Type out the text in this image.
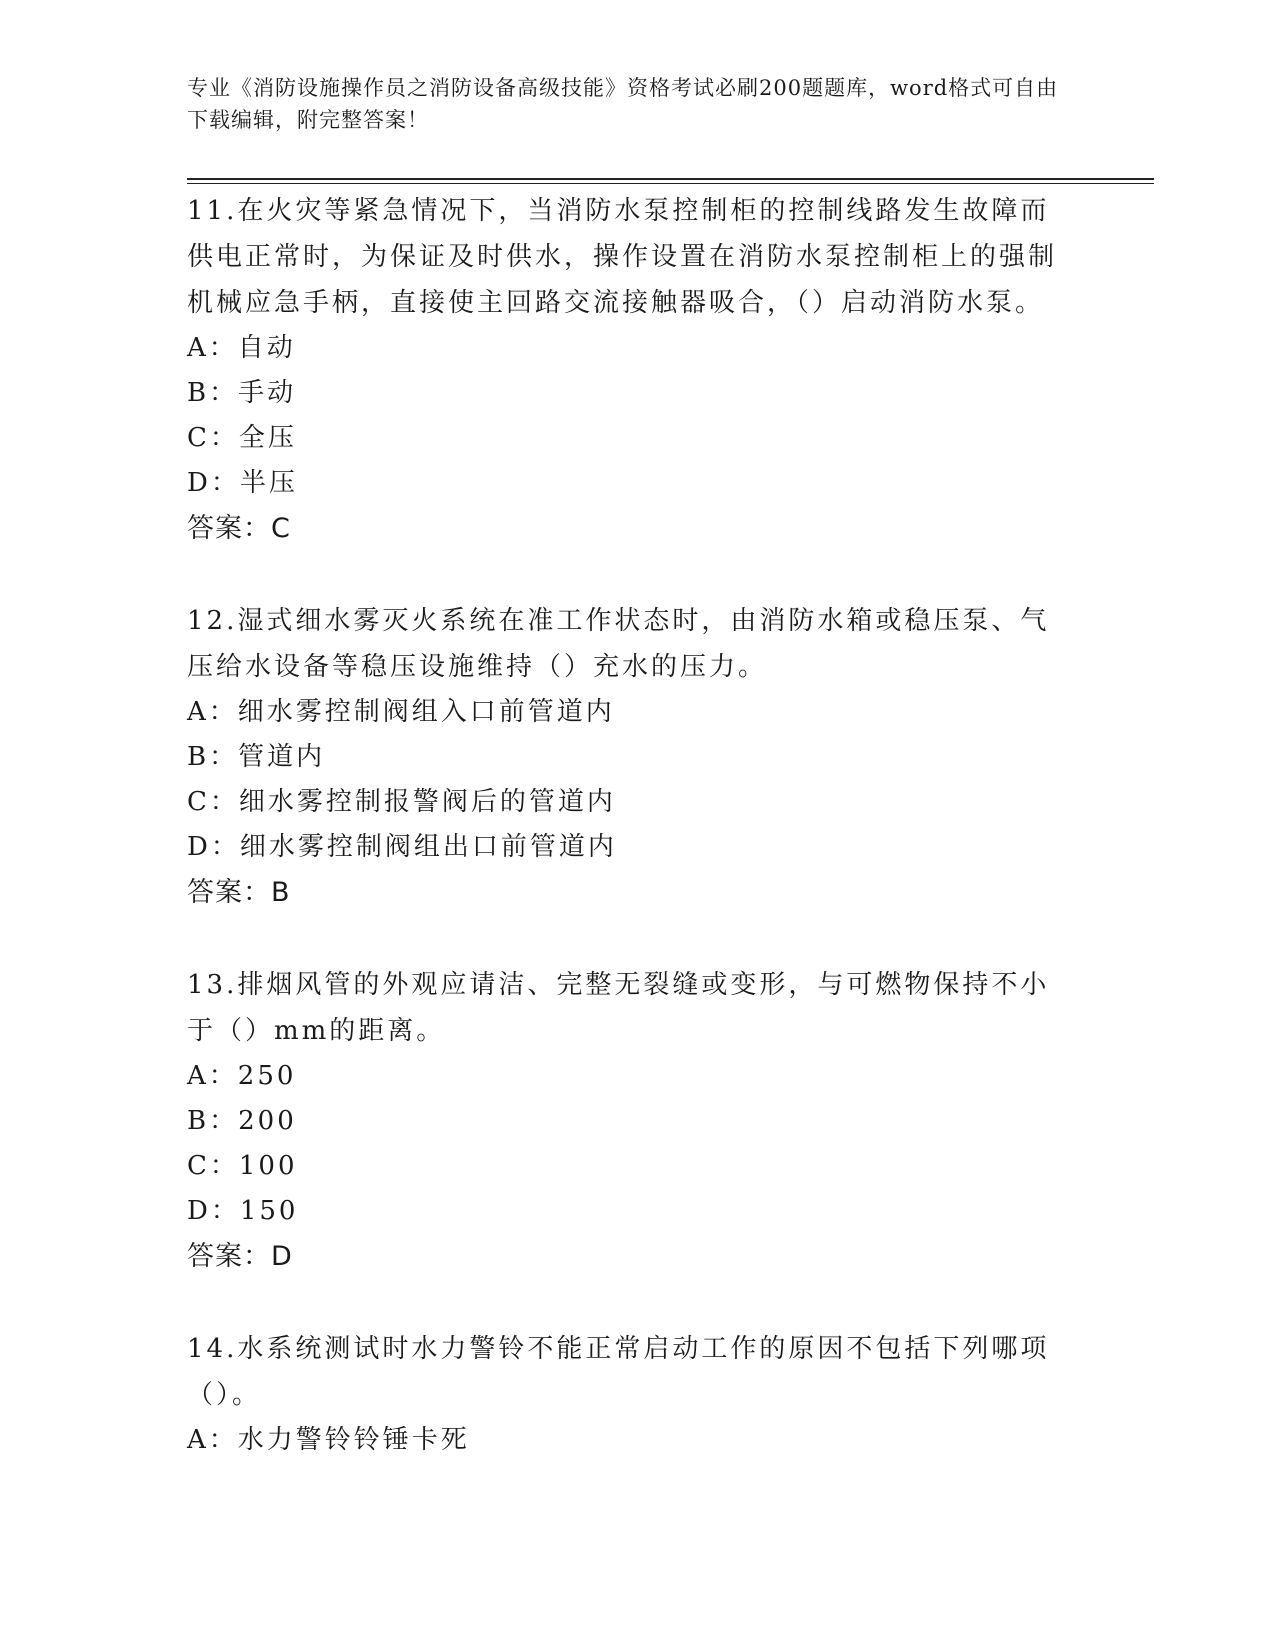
专业《消防设施操作员之消防设备高级技能》资格考试必刷200题题库，word格式可自由下载编辑，附完整答案！

11.在火灾等紧急情况下，当消防水泵控制柜的控制线路发生故障而供电正常时，为保证及时供水，操作设置在消防水泵控制柜上的强制机械应急手柄，直接使主回路交流接触器吸合，（）启动消防水泵。

A：自动

B：手动

C：全压

D：半压

答案：C

12.湿式细水雾灭火系统在准工作状态时，由消防水箱或稳压泵、气压给水设备等稳压设施维持（）充水的压力。

A：细水雾控制阀组入口前管道内

B：管道内

C：细水雾控制报警阀后的管道内

D：细水雾控制阀组出口前管道内

答案：B

13.排烟风管的外观应请洁、完整无裂缝或变形，与可燃物保持不小于（）mm的距离。

A：250

B：200

C：100

D：150

答案：D

14.水系统测试时水力警铃不能正常启动工作的原因不包括下列哪项（）。

A：水力警铃铃锤卡死
